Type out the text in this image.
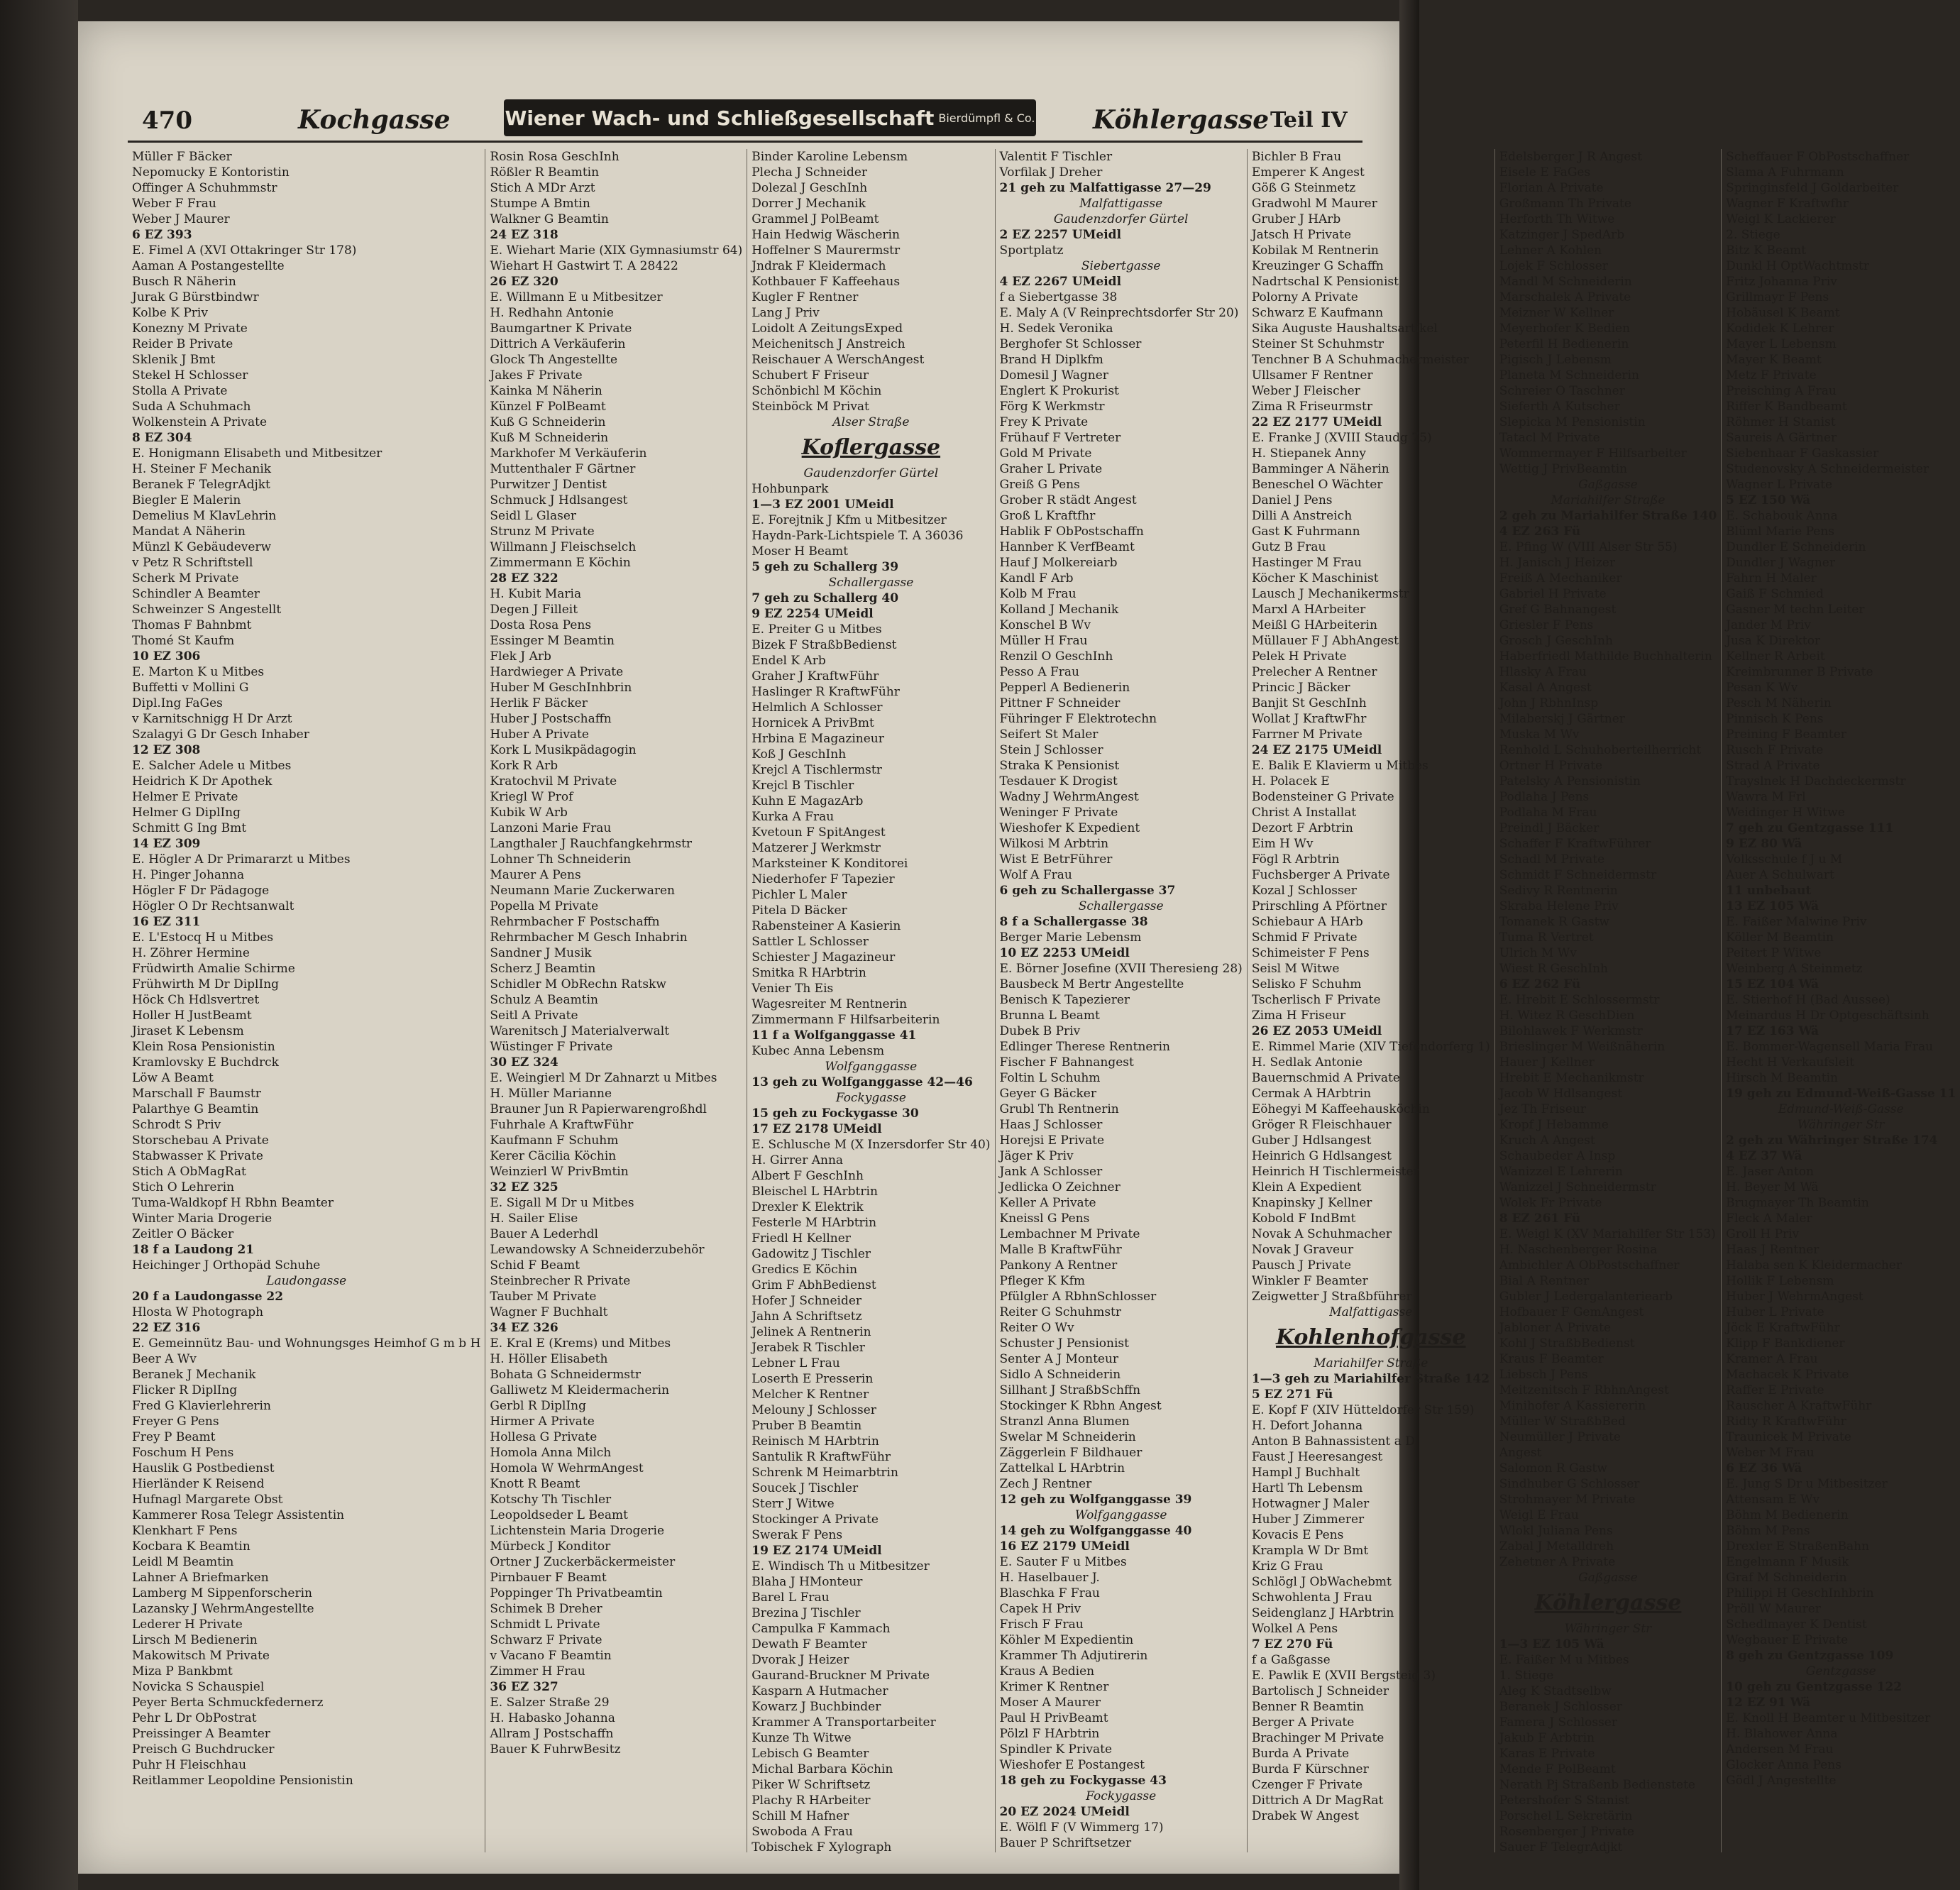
470	Kochgasse	Wiener Wach- und Schließgesellschaft Bierdümpfl & Co. Köhlergasse Teil IV
Müller F Bäcker
Nepomucky E Kontoristin
Offinger A Schuhmmstr
Weber F Frau
Weber J Maurer
6 EZ 393
E. Fimel A (XVI Ottakringer Str 178)
Aaman A Postangestellte
Busch R Näherin
Jurak G Bürstbindwr
Kolbe K Priv
Konezny M Private
Reider B Private
Sklenik J Bmt
Stekel H Schlosser
Stolla A Private
Suda A Schuhmach
Wolkenstein A Private
8 EZ 304
E. Honigmann Elisabeth und Mitbesitzer
H. Steiner F Mechanik
Beranek F TelegrAdjkt
Biegler E Malerin
Demelius M KlavLehrin
Mandat A Näherin
Münzl K Gebäudeverw
v Petz R Schriftstell
Scherk M Private
Schindler A Beamter
Schweinzer S Angestellt
Thomas F Bahnbmt
Thomé St Kaufm
10 EZ 306
E. Marton K u Mitbes
Buffetti v Mollini G
Dipl.Ing FaGes
v Karnitschnigg H Dr Arzt
Szalagyi G Dr Gesch Inhaber
12 EZ 308
E. Salcher Adele u Mitbes
Heidrich K Dr Apothek
Helmer E Private
Helmer G DiplIng
Schmitt G Ing Bmt
14 EZ 309
E. Högler A Dr Primararzt u Mitbes
H. Pinger Johanna
Högler F Dr Pädagoge
Högler O Dr Rechtsanwalt
16 EZ 311
E. L'Estocq H u Mitbes
H. Zöhrer Hermine
Früdwirth Amalie Schirme
Frühwirth M Dr DiplIng
Höck Ch Hdlsvertret
Holler H JustBeamt
Jiraset K Lebensm
Klein Rosa Pensionistin
Kramlovsky E Buchdrck
Löw A Beamt
Marschall F Baumstr
Palarthye G Beamtin
Schrodt S Priv
Storschebau A Private
Stabwasser K Private
Stich A ObMagRat
Stich O Lehrerin
Tuma-Waldkopf H Rbhn Beamter
Winter Maria Drogerie
Zeitler O Bäcker
18 f a Laudong 21
Heichinger J Orthopäd Schuhe
Laudongasse
20 f a Laudongasse 22
Hlosta W Photograph
22 EZ 316
E. Gemeinnütz Bau- und Wohnungsges Heimhof G m b H
Beer A Wv
Beranek J Mechanik
Flicker R DiplIng
Fred G Klavierlehrerin
Freyer G Pens
Frey P Beamt
Foschum H Pens
Hauslik G Postbedienst
Hierländer K Reisend
Hufnagl Margarete Obst
Kammerer Rosa Telegr Assistentin
Klenkhart F Pens
Kocbara K Beamtin
Leidl M Beamtin
Lahner A Briefmarken
Lamberg M Sippenforscherin
Lazansky J WehrmAngestellte
Lederer H Private
Lirsch M Bedienerin
Makowitsch M Private
Miza P Bankbmt
Novicka S Schauspiel
Peyer Berta Schmuckfedernerz
Pehr L Dr ObPostrat
Preissinger A Beamter
Preisch G Buchdrucker
Puhr H Fleischhau
Reitlammer Leopoldine Pensionistin
Rosin Rosa GeschInh
Rößler R Beamtin
Stich A MDr Arzt
Stumpe A Bmtin
Walkner G Beamtin
24 EZ 318
E. Wiehart Marie (XIX Gymnasiumstr 64)
Wiehart H Gastwirt T. A 28422
26 EZ 320
E. Willmann E u Mitbesitzer
H. Redhahn Antonie
Baumgartner K Private
Dittrich A Verkäuferin
Glock Th Angestellte
Jakes F Private
Kainka M Näherin
Künzel F PolBeamt
Kuß G Schneiderin
Kuß M Schneiderin
Markhofer M Verkäuferin
Muttenthaler F Gärtner
Purwitzer J Dentist
Schmuck J Hdlsangest
Seidl L Glaser
Strunz M Private
Willmann J Fleischselch
Zimmermann E Köchin
28 EZ 322
H. Kubit Maria
Degen J Filleit
Dosta Rosa Pens
Essinger M Beamtin
Flek J Arb
Hardwieger A Private
Huber M GeschInhbrin
Herlik F Bäcker
Huber J Postschaffn
Huber A Private
Kork L Musikpädagogin
Kork R Arb
Kratochvil M Private
Kriegl W Prof
Kubik W Arb
Lanzoni Marie Frau
Langthaler J Rauchfangkehrmstr
Lohner Th Schneiderin
Maurer A Pens
Neumann Marie Zuckerwaren
Popella M Private
Rehrmbacher F Postschaffn
Rehrmbacher M Gesch Inhabrin
Sandner J Musik
Scherz J Beamtin
Schidler M ObRechn Ratskw
Schulz A Beamtin
Seitl A Private
Warenitsch J Materialverwalt
Wüstinger F Private
30 EZ 324
E. Weingierl M Dr Zahnarzt u Mitbes
H. Müller Marianne
Brauner Jun R Papierwarengroßhdl
Fuhrhale A KraftwFühr
Kaufmann F Schuhm
Kerer Cäcilia Köchin
Weinzierl W PrivBmtin
32 EZ 325
E. Sigall M Dr u Mitbes
H. Sailer Elise
Bauer A Lederhdl
Lewandowsky A Schneiderzubehör
Schid F Beamt
Steinbrecher R Private
Tauber M Private
Wagner F Buchhalt
34 EZ 326
E. Kral E (Krems) und Mitbes
H. Höller Elisabeth
Bohata G Schneidermstr
Galliwetz M Kleidermacherin
Gerbl R DiplIng
Hirmer A Private
Hollesa G Private
Homola Anna Milch
Homola W WehrmAngest
Knott R Beamt
Kotschy Th Tischler
Leopoldseder L Beamt
Lichtenstein Maria Drogerie
Mürbeck J Konditor
Ortner J Zuckerbäckermeister
Pirnbauer F Beamt
Poppinger Th Privatbeamtin
Schimek B Dreher
Schmidt L Private
Schwarz F Private
v Vacano F Beamtin
Zimmer H Frau
36 EZ 327
E. Salzer Straße 29
H. Habasko Johanna
Allram J Postschaffn
Bauer K FuhrwBesitz
Binder Karoline Lebensm
Plecha J Schneider
Dolezal J GeschInh
Dorrer J Mechanik
Grammel J PolBeamt
Hain Hedwig Wäscherin
Hoffelner S Maurermstr
Jndrak F Kleidermach
Kothbauer F Kaffeehaus
Kugler F Rentner
Lang J Priv
Loidolt A ZeitungsExped
Meichenitsch J Anstreich
Reischauer A WerschAngest
Schubert F Friseur
Schönbichl M Köchin
Steinböck M Privat
Alser Straße
Koflergasse
Gaudenzdorfer Gürtel
Hohbunpark
1—3 EZ 2001 UMeidl
E. Forejtnik J Kfm u Mitbesitzer
Haydn-Park-Lichtspiele T. A 36036
Moser H Beamt
5 geh zu Schallerg 39
Schallergasse
7 geh zu Schallerg 40
9 EZ 2254 UMeidl
E. Preiter G u Mitbes
Bizek F StraßbBedienst
Endel K Arb
Graher J KraftwFühr
Haslinger R KraftwFühr
Helmlich A Schlosser
Hornicek A PrivBmt
Hrbina E Magazineur
Koß J GeschInh
Krejcl A Tischlermstr
Krejcl B Tischler
Kuhn E MagazArb
Kurka A Frau
Kvetoun F SpitAngest
Matzerer J Werkmstr
Marksteiner K Konditorei
Niederhofer F Tapezier
Pichler L Maler
Pitela D Bäcker
Rabensteiner A Kasierin
Sattler L Schlosser
Schiester J Magazineur
Smitka R HArbtrin
Venier Th Eis
Wagesreiter M Rentnerin
Zimmermann F Hilfsarbeiterin
11 f a Wolfganggasse 41
Kubec Anna Lebensm
Wolfganggasse
13 geh zu Wolfganggasse 42—46
Fockygasse
15 geh zu Fockygasse 30
17 EZ 2178 UMeidl
E. Schlusche M (X Inzersdorfer Str 40)
H. Girrer Anna
Albert F GeschInh
Bleischel L HArbtrin
Drexler K Elektrik
Festerle M HArbtrin
Friedl H Kellner
Gadowitz J Tischler
Gredics E Köchin
Grim F AbhBedienst
Hofer J Schneider
Jahn A Schriftsetz
Jelinek A Rentnerin
Jerabek R Tischler
Lebner L Frau
Loserth E Presserin
Melcher K Rentner
Melouny J Schlosser
Pruber B Beamtin
Reinisch M HArbtrin
Santulik R KraftwFühr
Schrenk M Heimarbtrin
Soucek J Tischler
Sterr J Witwe
Stockinger A Private
Swerak F Pens
19 EZ 2174 UMeidl
E. Windisch Th u Mitbesitzer
Blaha J HMonteur
Barel L Frau
Brezina J Tischler
Campulka F Kammach
Dewath F Beamter
Dvorak J Heizer
Gaurand-Bruckner M Private
Kasparn A Hutmacher
Kowarz J Buchbinder
Krammer A Transportarbeiter
Kunze Th Witwe
Lebisch G Beamter
Michal Barbara Köchin
Piker W Schriftsetz
Plachy R HArbeiter
Schill M Hafner
Swoboda A Frau
Tobischek F Xylograph
Valentit F Tischler
Vorfilak J Dreher
21 geh zu Malfattigasse 27—29
Malfattigasse
Gaudenzdorfer Gürtel
2 EZ 2257 UMeidl
Sportplatz
Siebertgasse
4 EZ 2267 UMeidl
f a Siebertgasse 38
E. Maly A (V Reinprechtsdorfer Str 20)
H. Sedek Veronika
Berghofer St Schlosser
Brand H Diplkfm
Domesil J Wagner
Englert K Prokurist
Förg K Werkmstr
Frey K Private
Frühauf F Vertreter
Gold M Private
Graher L Private
Greiß G Pens
Grober R städt Angest
Groß L Kraftfhr
Hablik F ObPostschaffn
Hannber K VerfBeamt
Hauf J Molkereiarb
Kandl F Arb
Kolb M Frau
Kolland J Mechanik
Konschel B Wv
Müller H Frau
Renzil O GeschInh
Pesso A Frau
Pepperl A Bedienerin
Pittner F Schneider
Führinger F Elektrotechn
Seifert St Maler
Stein J Schlosser
Straka K Pensionist
Tesdauer K Drogist
Wadny J WehrmAngest
Weninger F Private
Wieshofer K Expedient
Wilkosi M Arbtrin
Wist E BetrFührer
Wolf A Frau
6 geh zu Schallergasse 37
Schallergasse
8 f a Schallergasse 38
Berger Marie Lebensm
10 EZ 2253 UMeidl
E. Börner Josefine (XVII Theresieng 28)
Bausbeck M Bertr Angestellte
Benisch K Tapezierer
Brunna L Beamt
Dubek B Priv
Edlinger Therese Rentnerin
Fischer F Bahnangest
Foltin L Schuhm
Geyer G Bäcker
Grubl Th Rentnerin
Haas J Schlosser
Horejsi E Private
Jäger K Priv
Jank A Schlosser
Jedlicka O Zeichner
Keller A Private
Kneissl G Pens
Lembachner M Private
Malle B KraftwFühr
Pankony A Rentner
Pfleger K Kfm
Pfülgler A RbhnSchlosser
Reiter G Schuhmstr
Reiter O Wv
Schuster J Pensionist
Senter A J Monteur
Sidlo A Schneiderin
Sillhant J StraßbSchffn
Stockinger K Rbhn Angest
Stranzl Anna Blumen
Swelar M Schneiderin
Zäggerlein F Bildhauer
Zattelkal L HArbtrin
Zech J Rentner
12 geh zu Wolfganggasse 39
Wolfganggasse
14 geh zu Wolfganggasse 40
16 EZ 2179 UMeidl
E. Sauter F u Mitbes
H. Haselbauer J.
Blaschka F Frau
Capek H Priv
Frisch F Frau
Köhler M Expedientin
Krammer Th Adjutirerin
Kraus A Bedien
Krimer K Rentner
Moser A Maurer
Paul H PrivBeamt
Pölzl F HArbtrin
Spindler K Private
Wieshofer E Postangest
18 geh zu Fockygasse 43
Fockygasse
20 EZ 2024 UMeidl
E. Wölfl F (V Wimmerg 17)
Bauer P Schriftsetzer
Bichler B Frau
Emperer K Angest
Göß G Steinmetz
Gradwohl M Maurer
Gruber J HArb
Jatsch H Private
Kobilak M Rentnerin
Kreuzinger G Schaffn
Nadrtschal K Pensionist
Polorny A Private
Schwarz E Kaufmann
Sika Auguste Haushaltsartikel
Steiner St Schuhmstr
Tenchner B A Schuhmachermeister
Ullsamer F Rentner
Weber J Fleischer
Zima R Friseurmstr
22 EZ 2177 UMeidl
E. Franke J (XVIII Staudg 75)
H. Stiepanek Anny
Bamminger A Näherin
Beneschel O Wächter
Daniel J Pens
Dilli A Anstreich
Gast K Fuhrmann
Gutz B Frau
Hastinger M Frau
Köcher K Maschinist
Lausch J Mechanikermstr
Marxl A HArbeiter
Meißl G HArbeiterin
Müllauer F J AbhAngest
Pelek H Private
Prelecher A Rentner
Princic J Bäcker
Banjit St GeschInh
Wollat J KraftwFhr
Farrner M Private
24 EZ 2175 UMeidl
E. Balik E Klavierm u Mitbes
H. Polacek E
Bodensteiner G Private
Christ A Installat
Dezort F Arbtrin
Eim H Wv
Fögl R Arbtrin
Fuchsberger A Private
Kozal J Schlosser
Prirschling A Pförtner
Schiebaur A HArb
Schmid F Private
Schimeister F Pens
Seisl M Witwe
Selisko F Schuhm
Tscherlisch F Private
Zima H Friseur
26 EZ 2053 UMeidl
E. Rimmel Marie (XIV Tiefendorferg 1)
H. Sedlak Antonie
Bauernschmid A Private
Cermak A HArbtrin
Eöhegyi M Kaffeehausköchin
Gröger R Fleischhauer
Guber J Hdlsangest
Heinrich G Hdlsangest
Heinrich H Tischlermeister
Klein A Expedient
Knapinsky J Kellner
Kobold F IndBmt
Novak A Schuhmacher
Novak J Graveur
Pausch J Private
Winkler F Beamter
Zeigwetter J Straßbführer
Malfattigasse
Kohlenhofgasse
Mariahilfer Straße
1—3 geh zu Mariahilfer Straße 142
5 EZ 271 Fü
E. Kopf F (XIV Hütteldorfer Str 159)
H. Defort Johanna
Anton B Bahnassistent a D
Faust J Heeresangest
Hampl J Buchhalt
Hartl Th Lebensm
Hotwagner J Maler
Huber J Zimmerer
Kovacis E Pens
Krampla W Dr Bmt
Kriz G Frau
Schlögl J ObWachebmt
Schwohlenta J Frau
Seidenglanz J HArbtrin
Wolkel A Pens
7 EZ 270 Fü
f a Gaßgasse
E. Pawlik E (XVII Bergsteig 3)
Bartolisch J Schneider
Benner R Beamtin
Berger A Private
Brachinger M Private
Burda A Private
Burda F Kürschner
Czenger F Private
Dittrich A Dr MagRat
Drabek W Angest
Edelsberger J R Angest
Eisele E FaGes
Florian A Private
Großmann Th Private
Herforth Th Witwe
Katzinger J SpedArb
Lehner A Kohlen
Lojek F Schlosser
Mandl M Schneiderin
Marschalek A Private
Meizner W Kellner
Meyerhofer K Bedien
Peterfil H Bedienerin
Pigisch J Lebensm
Planeta M Schneiderin
Schreier O Taschner
Sieferth A Kutscher
Slepicka M Pensionistin
Tatacl M Private
Wommermayer F Hilfsarbeiter
Wettig J PrivBeamtin
Gaßgasse
Mariahilfer Straße
2 geh zu Mariahilfer Straße 140
4 EZ 263 Fü
E. Pfing W (VIII Alser Str 55)
H. Janisch J Heizer
Freiß A Mechaniker
Gabriel H Private
Gref G Bahnangest
Griesler F Pens
Grosch J GeschInh
Haberfriedl Mathilde Buchhalterin
Hlasky A Frau
Kasal A Angest
John J RbhnInsp
Milaberskj J Gärtner
Muska M Wv
Renhold L Schuhoberteilherricht
Ortner H Private
Patelsky A Pensionistin
Podlaha J Pens
Podlaha M Frau
Preindl J Bäcker
Schaffer F KraftwFührer
Schadl M Private
Schmidt F Schneidermstr
Sedivy R Rentnerin
Skraba Helene Priv
Tomanek R Gastw
Tuma R Vertret
Ulrich M Wv
Wiest R GeschInh
6 EZ 262 Fü
E. Hrebit E Schlossermstr
H. Witez R GeschDien
Bilohlawek F Werkmstr
Brieslinger M Weißnäherin
Hauer J Kellner
Hrebit E Mechanikmstr
Jacob W Hdlsangest
Jez Th Friseur
Kropf J Hebamme
Kruch A Angest
Schaubeder A Insp
Wanizzel E Lehrerin
Wanizzel J Schneidermstr
Wolek Fr Private
8 EZ 261 Fü
E. Weigl K (XV Mariahilfer Str 153)
H. Naschenberger Rosina
Ambichler A ObPostschaffner
Bial A Rentner
Gubler J Ledergalanteriearb
Hofbauer F GemAngest
Jabloner A Private
Kohl J StraßbBedienst
Kraus F Beamter
Liebsch J Pens
Meitzenitsch F RbhnAngest
Minihofer A Kassiererin
Müller W StraßbBed
Neumüller J Private
Angest
Salomon R Gastw
Sindhuber G Schlosser
Strohmayer M Private
Weigl E Frau
Wlokl Juliana Pens
Zabal J Metalldreh
Zehetner A Private
Gaßgasse
Köhlergasse
Währinger Str
1—3 EZ 105 Wä
E. Faißer M u Mitbes
1. Stiege
Aleg K Stadtselbw
Beranek J Schlosser
Famera J Schlosser
Jakub F Arbtrin
Karas E Private
Mende F PolBeamt
Nerath Pj Straßenb Bedienstete
Petershofer S Stanist
Porschel L Sekretärin
Rosenberger J Private
Sauer F TelegrAdjkt
Scheffauer F ObPostschaffner
Slama A Fuhrmann
Springinsfeld J Goldarbeiter
Wagner F Kraftwfhr
Weigl K Lackierer
2. Stiege
Bitz K Beamt
Dunkl H OptWachtmstr
Fritz Johanna Priv
Grillmayr F Pens
Hobäusel K Beamt
Kodidek K Lehrer
Mayer L Lebensm
Mayer K Beamt
Metz F Private
Preisching A Frau
Riffer K Bandbeamt
Röhmer H Stanist
Saureis A Gärtner
Siebenhaar F Gaskassier
Studenovsky A Schneidermeister
Wagner L Private
5 EZ 150 Wä
E. Schabouk Anna
Blüml Marie Pens
Dundler E Schneiderin
Dundler J Wagner
Fahrn H Maler
Gaiß F Schmied
Gasner M techn Leiter
Jander M Priv
Jusa K Direktor
Kellner R Arbeit
Kreimbrunner B Private
Pesan K Wv
Pesch M Näherin
Pinnisch K Pens
Preining F Beamter
Rusch F Private
Strad A Private
Trayslnek H Dachdeckermstr
Wawra M Frl
Weidinger H Witwe
7 geh zu Gentzgasse 111
9 EZ 80 Wä
Volksschule f J u M
Auer A Schulwart
11 unbebaut
13 EZ 105 Wä
E. Faißer Malwine Priv
Köller M Beamtin
Peitert P Witwe
Weinberg A Steinmetz
15 EZ 104 Wä
E. Stierhof H (Bad Aussee)
Meinardus H Dr Optgeschäftsinh
17 EZ 163 Wä
E. Bommer-Wagensell Maria Frau
Hecht H Verkaufsleit
Hirsch M Beamtin
19 geh zu Edmund-Weiß-Gasse 11
Edmund-Weiß-Gasse
Währinger Str
2 geh zu Währinger Straße 174
4 EZ 37 Wä
E. Jaser Anton
H. Beyer M Wä
Brugmayer Th Beamtin
Fleck A Maler
Groll H Priv
Haas J Rentner
Halaba sen K Kleidermacher
Hollik F Lebensm
Huber J WehrmAngest
Huber L Private
Jöck E KraftwFühr
Klipp F Bankdiener
Kramer A Frau
Machacek K Private
Raffer E Private
Rauscher A KraftwFühr
Ridty R KraftwFühr
Traunicek M Private
Weber M Frau
6 EZ 36 Wä
E. Jung S Dr u Mitbesitzer
Attensam E Wv
Böhm M Bedienerin
Böhm M Pens
Drexler E StraßenBahn
Engelmann F Musik
Graf M Schneiderin
Philippi H GeschInhbrin
Pröll W Maurer
Schedlmayer K Dentist
Wegbauer E Private
8 geh zu Gentzgasse 109
Gentzgasse
10 geh zu Gentzgasse 122
12 EZ 91 Wä
E. Knoll H Beamter u Mitbesitzer
H. Blahower Anna
Andersen M Frau
Glocker Anna Pens
Gödl J Angestellte
